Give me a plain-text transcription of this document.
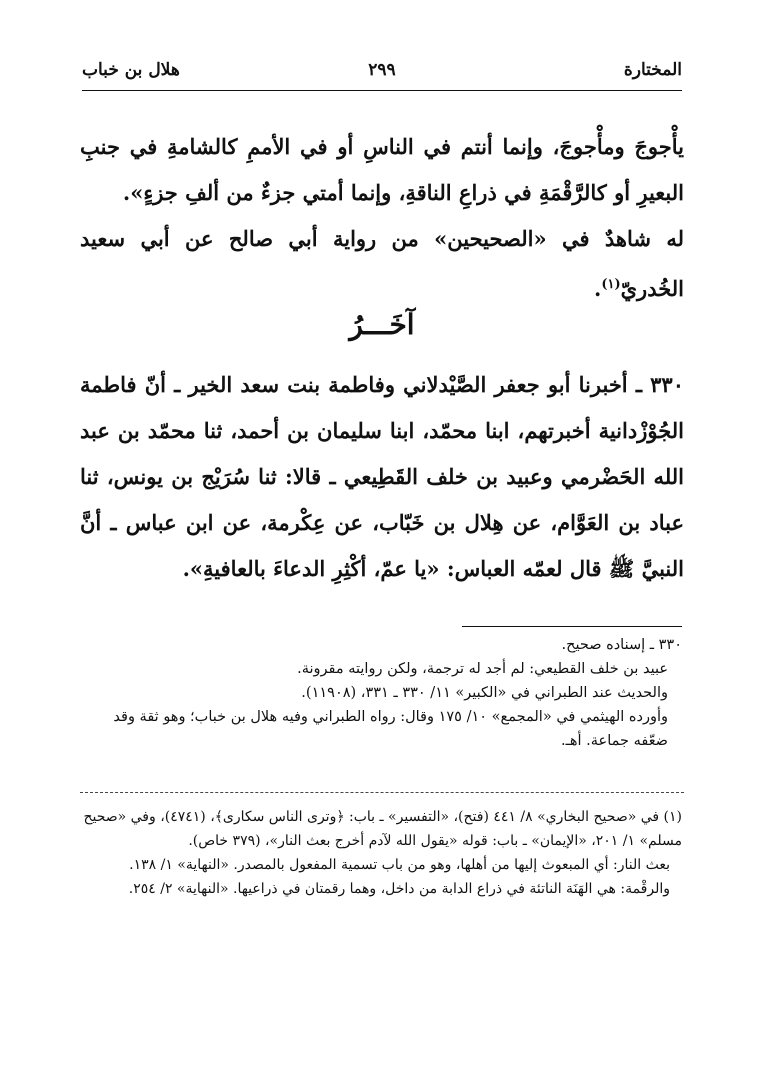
المختارة
٢٩٩
هلال بن خباب

يأْجوجَ ومأْجوجَ، وإنما أنتم في الناسِ أو في الأممِ كالشامةِ في جنبِ البعيرِ أو كالرَّقْمَةِ في ذراعِ الناقةِ، وإنما أمتي جزءٌ من ألفِ جزءٍ».

له شاهدٌ في «الصحيحين» من رواية أبي صالح عن أبي سعيد الخُدريّ$^{(١)}$.

آخَـــرُ

٣٣٠ ـ أخبرنا أبو جعفر الصَّيْدلاني وفاطمة بنت سعد الخير ـ أنّ فاطمة الجُوْزْدانية أخبرتهم، ابنا محمّد، ابنا سليمان بن أحمد، ثنا محمّد بن عبد الله الحَضْرمي وعبيد بن خلف القَطِيعي ـ قالا: ثنا سُرَيْج بن يونس، ثنا عباد بن العَوَّام، عن هِلال بن خَبّاب، عن عِكْرمة، عن ابن عباس ـ أنَّ النبيَّ ﷺ قال لعمّه العباس: «يا عمّ، أكْثِرِ الدعاءَ بالعافيةِ».

٣٣٠ ـ إسناده صحيح.

عبيد بن خلف القطيعي: لم أجد له ترجمة، ولكن روايته مقرونة.

والحديث عند الطبراني في «الكبير» ١١/ ٣٣٠ ـ ٣٣١، (١١٩٠٨).

وأورده الهيثمي في «المجمع» ١٠/ ١٧٥ وقال: رواه الطبراني وفيه هلال بن خباب؛ وهو ثقة وقد ضعّفه جماعة. أهـ.

(١) في «صحيح البخاري» ٨/ ٤٤١ (فتح)، «التفسير» ـ باب: ﴿وترى الناس سكارى﴾، (٤٧٤١)، وفي «صحيح مسلم» ١/ ٢٠١، «الإيمان» ـ باب: قوله «يقول الله لآدم أخرج بعث النار»، (٣٧٩ خاص).

بعث النار: أي المبعوث إليها من أهلها، وهو من باب تسمية المفعول بالمصدر. «النهاية» ١/ ١٣٨.

والرقْمة: هي الهَنَة الناتئة في ذراع الدابة من داخل، وهما رقمتان في ذراعيها. «النهاية» ٢/ ٢٥٤.
